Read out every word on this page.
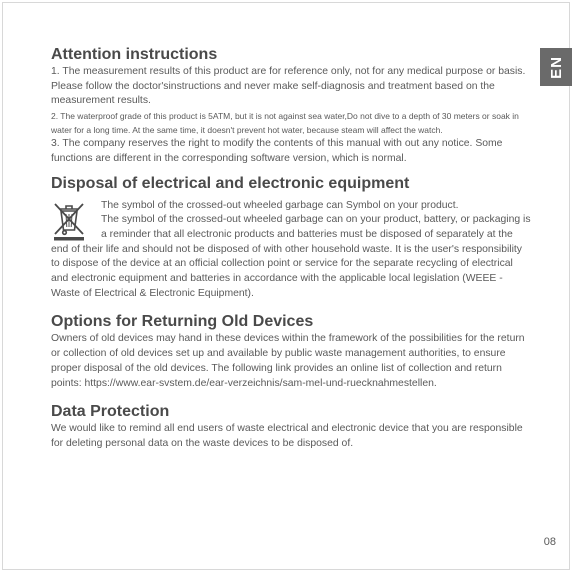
EN
Attention instructions

1. The measurement results of this product are for reference only, not for any medical purpose or basis. Please follow the doctor'sinstructions and never make self-diagnosis and treatment based on the measurement results.

2. The waterproof grade of this product is 5ATM, but it is not against sea water,Do not dive to a depth of 30 meters or soak in water for a long time. At the same time, it doesn't prevent hot water, because steam will affect the watch.

3. The company reserves the right to modify the contents of this manual with out any notice. Some functions are different in the corresponding software version, which is normal.

Disposal of electrical and electronic equipment

The symbol of the crossed-out wheeled garbage can Symbol on your product.

The symbol of the crossed-out wheeled garbage can on your product, battery, or packaging is a reminder that all electronic products and batteries must be disposed of separately at the end of their life and should not be disposed of with other household waste. It is the user's responsibility to dispose of the device at an official collection point or service for the separate recycling of electrical and electronic equipment and batteries in accordance with the applicable local legislation (WEEE - Waste of Electrical & Electronic Equipment).

Options for Returning Old Devices

Owners of old devices may hand in these devices within the framework of the possibilities for the return or collection of old devices set up and available by public waste management authorities, to ensure proper disposal of the old devices. The following link provides an online list of collection and return points: https://www.ear-svstem.de/ear-verzeichnis/sam-mel-und-ruecknahmestellen.

Data Protection

We would like to remind all end users of waste electrical and electronic device that you are responsible for deleting personal data on the waste devices to be disposed of.

08
